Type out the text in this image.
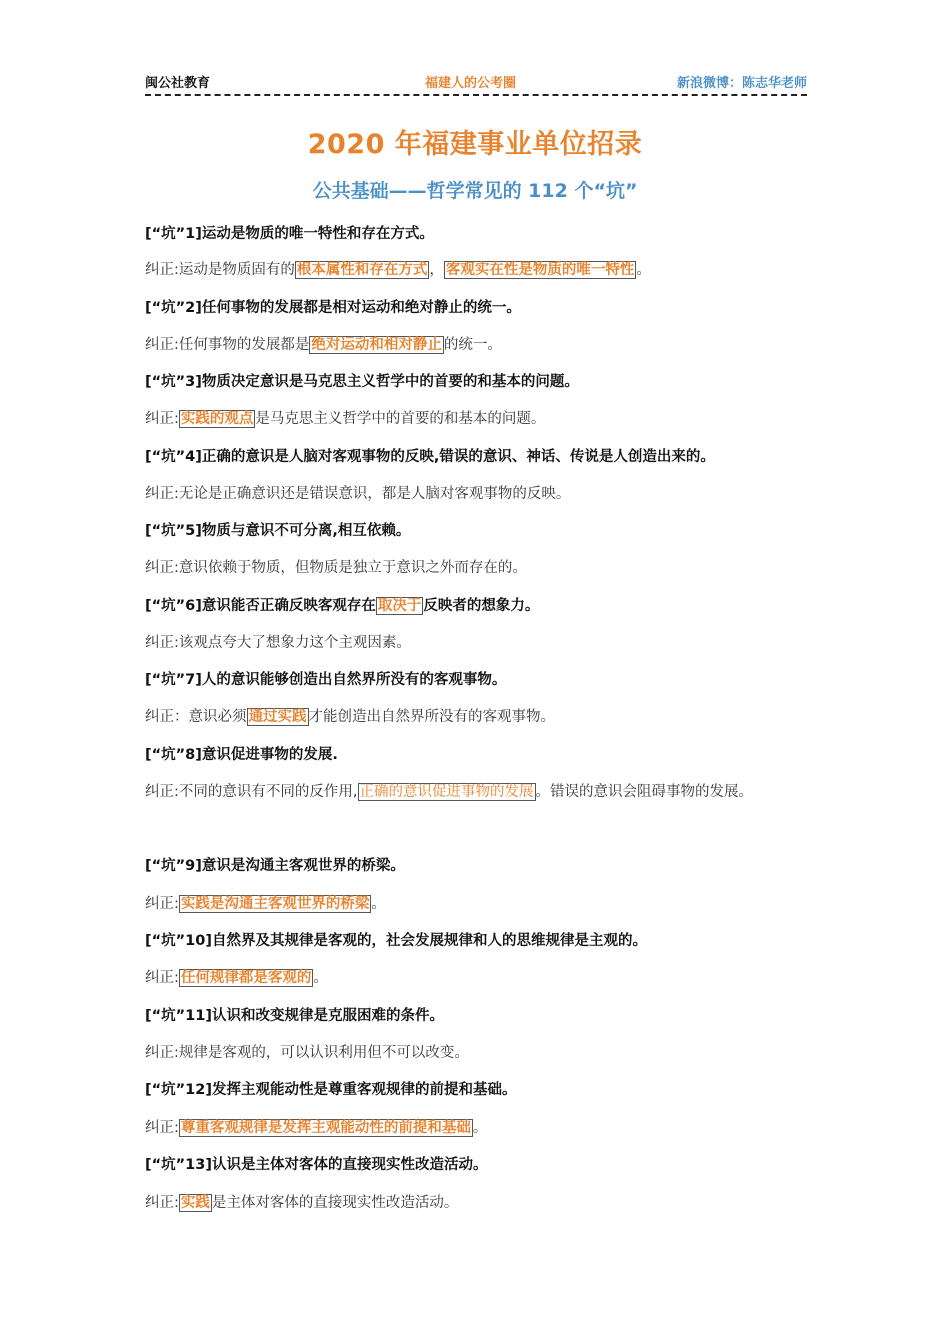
闽公社教育	福建人的公考圈	新浪微博：陈志华老师
2020 年福建事业单位招录
公共基础——哲学常见的 112 个“坑”
[“坑”1]运动是物质的唯一特性和存在方式。
纠正:运动是物质固有的 根本属性和存在方式 ， 客观实在性是物质的唯一特性 。
[“坑”2]任何事物的发展都是相对运动和绝对静止的统一。
纠正:任何事物的发展都是 绝对运动和相对静止 的统一。
[“坑”3]物质决定意识是马克思主义哲学中的首要的和基本的问题。
纠正: 实践的观点 是马克思主义哲学中的首要的和基本的问题。
[“坑”4]正确的意识是人脑对客观事物的反映,错误的意识、神话、传说是人创造出来的。
纠正:无论是正确意识还是错误意识，都是人脑对客观事物的反映。
[“坑”5]物质与意识不可分离,相互依赖。
纠正:意识依赖于物质，但物质是独立于意识之外而存在的。
[“坑”6]意识能否正确反映客观存在 取决于 反映者的想象力。
纠正:该观点夸大了想象力这个主观因素。
[“坑”7]人的意识能够创造出自然界所没有的客观事物。
纠正：意识必须 通过实践 才能创造出自然界所没有的客观事物。
[“坑”8]意识促进事物的发展.
纠正:不同的意识有不同的反作用, 正确的意识促进事物的发展 。错误的意识会阻碍事物的发展。
[“坑”9]意识是沟通主客观世界的桥梁。
纠正: 实践是沟通主客观世界的桥梁 。
[“坑”10]自然界及其规律是客观的，社会发展规律和人的思维规律是主观的。
纠正: 任何规律都是客观的 。
[“坑”11]认识和改变规律是克服困难的条件。
纠正:规律是客观的，可以认识利用但不可以改变。
[“坑”12]发挥主观能动性是尊重客观规律的前提和基础。
纠正: 尊重客观规律是发挥主观能动性的前提和基础 。
[“坑”13]认识是主体对客体的直接现实性改造活动。
纠正: 实践 是主体对客体的直接现实性改造活动。
